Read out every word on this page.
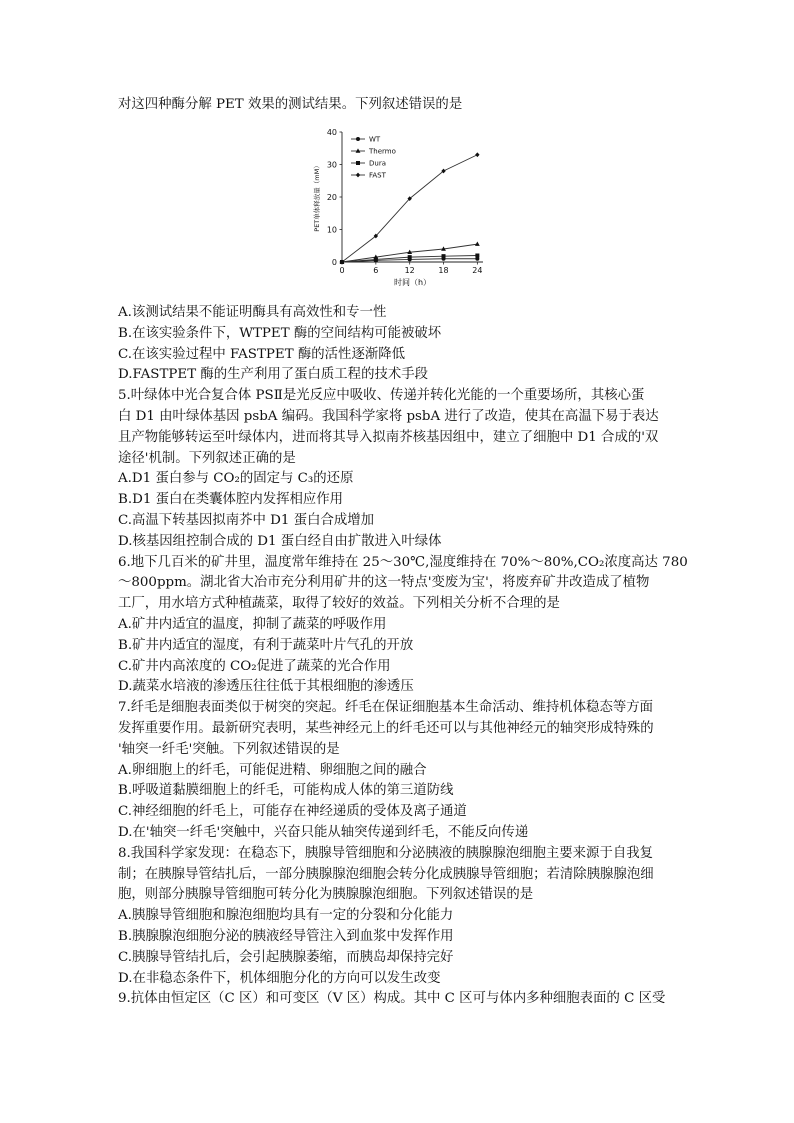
对这四种酶分解 PET 效果的测试结果。下列叙述错误的是
0	6	12	18	24
0
10
20
30
40
WT
Thermo
Dura
FAST
时间（h）
PET单体释放量（mM）
A.该测试结果不能证明酶具有高效性和专一性
B.在该实验条件下，WTPET 酶的空间结构可能被破坏
C.在该实验过程中 FASTPET 酶的活性逐渐降低
D.FASTPET 酶的生产利用了蛋白质工程的技术手段
5.叶绿体中光合复合体 PSⅡ是光反应中吸收、传递并转化光能的一个重要场所，其核心蛋
白 D1 由叶绿体基因 psbA 编码。我国科学家将 psbA 进行了改造，使其在高温下易于表达
且产物能够转运至叶绿体内，进而将其导入拟南芥核基因组中，建立了细胞中 D1 合成的'双
途径'机制。下列叙述正确的是
A.D1 蛋白参与 CO₂的固定与 C₃的还原
B.D1 蛋白在类囊体腔内发挥相应作用
C.高温下转基因拟南芥中 D1 蛋白合成增加
D.核基因组控制合成的 D1 蛋白经自由扩散进入叶绿体
6.地下几百米的矿井里，温度常年维持在 25～30℃,湿度维持在 70%～80%,CO₂浓度高达 780
～800ppm。湖北省大冶市充分利用矿井的这一特点'变废为宝'，将废弃矿井改造成了植物
工厂，用水培方式种植蔬菜，取得了较好的效益。下列相关分析不合理的是
A.矿井内适宜的温度，抑制了蔬菜的呼吸作用
B.矿井内适宜的湿度，有利于蔬菜叶片气孔的开放
C.矿井内高浓度的 CO₂促进了蔬菜的光合作用
D.蔬菜水培液的渗透压往往低于其根细胞的渗透压
7.纤毛是细胞表面类似于树突的突起。纤毛在保证细胞基本生命活动、维持机体稳态等方面
发挥重要作用。最新研究表明，某些神经元上的纤毛还可以与其他神经元的轴突形成特殊的
'轴突一纤毛'突触。下列叙述错误的是
A.卵细胞上的纤毛，可能促进精、卵细胞之间的融合
B.呼吸道黏膜细胞上的纤毛，可能构成人体的第三道防线
C.神经细胞的纤毛上，可能存在神经递质的受体及离子通道
D.在'轴突一纤毛'突触中，兴奋只能从轴突传递到纤毛，不能反向传递
8.我国科学家发现：在稳态下，胰腺导管细胞和分泌胰液的胰腺腺泡细胞主要来源于自我复
制；在胰腺导管结扎后，一部分胰腺腺泡细胞会转分化成胰腺导管细胞；若清除胰腺腺泡细
胞，则部分胰腺导管细胞可转分化为胰腺腺泡细胞。下列叙述错误的是
A.胰腺导管细胞和腺泡细胞均具有一定的分裂和分化能力
B.胰腺腺泡细胞分泌的胰液经导管注入到血浆中发挥作用
C.胰腺导管结扎后，会引起胰腺萎缩，而胰岛却保持完好
D.在非稳态条件下，机体细胞分化的方向可以发生改变
9.抗体由恒定区（C 区）和可变区（V 区）构成。其中 C 区可与体内多种细胞表面的 C 区受
